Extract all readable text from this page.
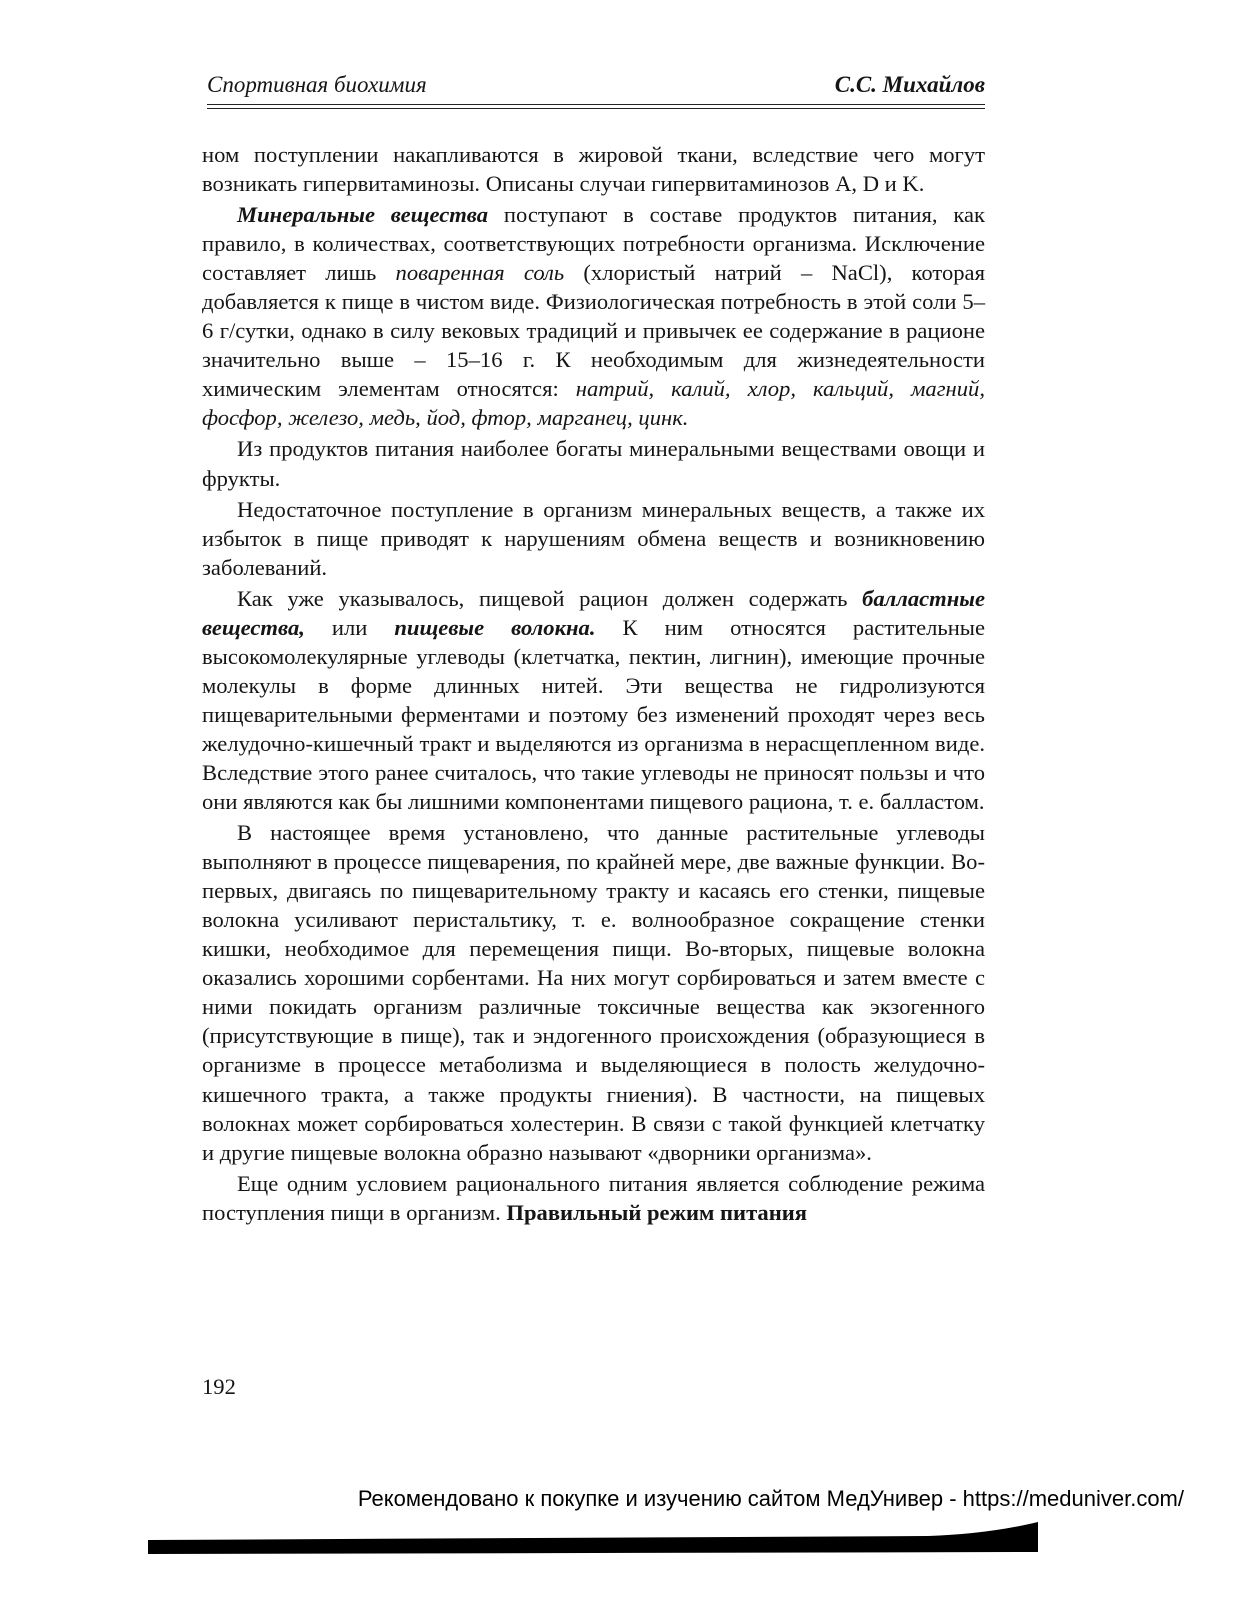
Спортивная биохимия	С.С. Михайлов

ном поступлении накапливаются в жировой ткани, вследствие чего могут возникать гипервитаминозы. Описаны случаи гипервитаминозов A, D и K.

Минеральные вещества поступают в составе продуктов питания, как правило, в количествах, соответствующих потребности организма. Исключение составляет лишь поваренная соль (хлористый натрий – NaCl), которая добавляется к пище в чистом виде. Физиологическая потребность в этой соли 5–6 г/сутки, однако в силу вековых традиций и привычек ее содержание в рационе значительно выше – 15–16 г. К необходимым для жизнедеятельности химическим элементам относятся: натрий, калий, хлор, кальций, магний, фосфор, железо, медь, йод, фтор, марганец, цинк.

Из продуктов питания наиболее богаты минеральными веществами овощи и фрукты.

Недостаточное поступление в организм минеральных веществ, а также их избыток в пище приводят к нарушениям обмена веществ и возникновению заболеваний.

Как уже указывалось, пищевой рацион должен содержать балластные вещества, или пищевые волокна. К ним относятся растительные высокомолекулярные углеводы (клетчатка, пектин, лигнин), имеющие прочные молекулы в форме длинных нитей. Эти вещества не гидролизуются пищеварительными ферментами и поэтому без изменений проходят через весь желудочно-кишечный тракт и выделяются из организма в нерасщепленном виде. Вследствие этого ранее считалось, что такие углеводы не приносят пользы и что они являются как бы лишними компонентами пищевого рациона, т. е. балластом.

В настоящее время установлено, что данные растительные углеводы выполняют в процессе пищеварения, по крайней мере, две важные функции. Во-первых, двигаясь по пищеварительному тракту и касаясь его стенки, пищевые волокна усиливают перистальтику, т. е. волнообразное сокращение стенки кишки, необходимое для перемещения пищи. Во-вторых, пищевые волокна оказались хорошими сорбентами. На них могут сорбироваться и затем вместе с ними покидать организм различные токсичные вещества как экзогенного (присутствующие в пище), так и эндогенного происхождения (образующиеся в организме в процессе метаболизма и выделяющиеся в полость желудочно-кишечного тракта, а также продукты гниения). В частности, на пищевых волокнах может сорбироваться холестерин. В связи с такой функцией клетчатку и другие пищевые волокна образно называют «дворники организма».

Еще одним условием рационального питания является соблюдение режима поступления пищи в организм. Правильный режим питания

192
Рекомендовано к покупке и изучению сайтом МедУнивер - https://meduniver.com/
